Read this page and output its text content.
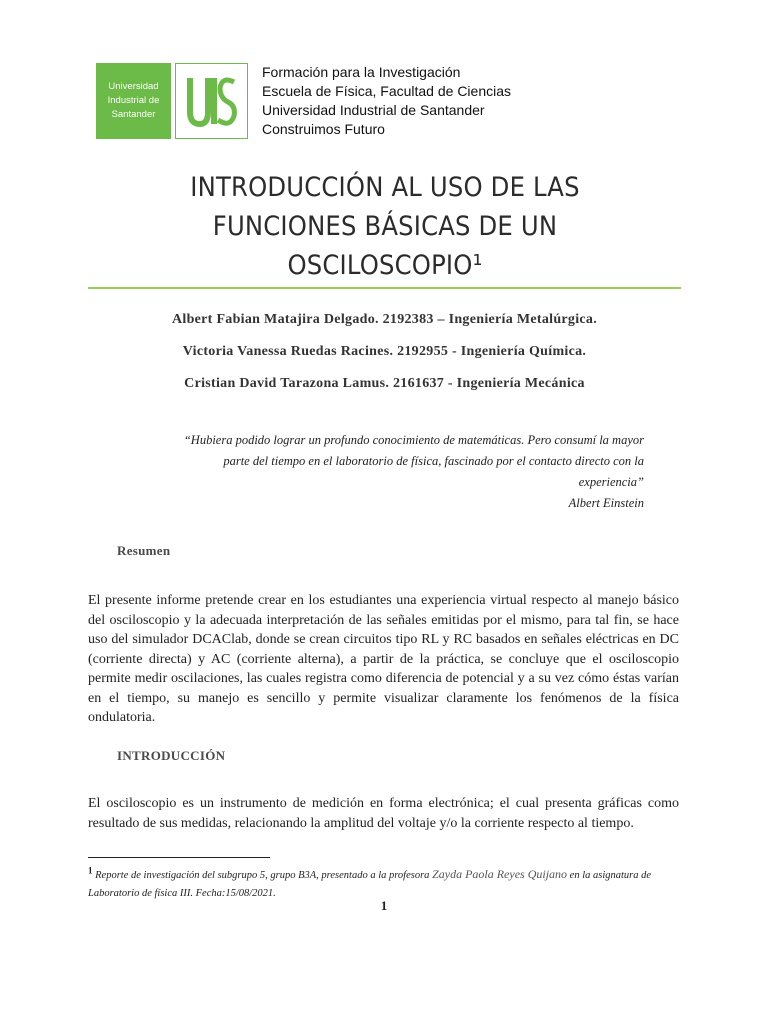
Universidad
Industrial de
Santander
Formación para la Investigación
Escuela de Física, Facultad de Ciencias
Universidad Industrial de Santander
Construimos Futuro
INTRODUCCIÓN AL USO DE LAS
FUNCIONES BÁSICAS DE UN
OSCILOSCOPIO¹
Albert Fabian Matajira Delgado. 2192383 – Ingeniería Metalúrgica.
Victoria Vanessa Ruedas Racines. 2192955 - Ingeniería Química.
Cristian David Tarazona Lamus. 2161637 - Ingeniería Mecánica
“Hubiera podido lograr un profundo conocimiento de matemáticas. Pero consumí la mayor
parte del tiempo en el laboratorio de física, fascinado por el contacto directo con la
experiencia”
Albert Einstein
Resumen
El presente informe pretende crear en los estudiantes una experiencia virtual respecto al manejo básico del osciloscopio y la adecuada interpretación de las señales emitidas por el mismo, para tal fin, se hace uso del simulador DCAClab, donde se crean circuitos tipo RL y RC basados en señales eléctricas en DC (corriente directa) y AC (corriente alterna), a partir de la práctica, se concluye que el osciloscopio permite medir oscilaciones, las cuales registra como diferencia de potencial y a su vez cómo éstas varían en el tiempo, su manejo es sencillo y permite visualizar claramente los fenómenos de la física ondulatoria.
INTRODUCCIÓN
El osciloscopio es un instrumento de medición en forma electrónica; el cual presenta gráficas como resultado de sus medidas, relacionando la amplitud del voltaje y/o la corriente respecto al tiempo.
1 Reporte de investigación del subgrupo 5, grupo B3A, presentado a la profesora Zayda Paola Reyes Quijano en la asignatura de Laboratorio de física III. Fecha:15/08/2021.
1
